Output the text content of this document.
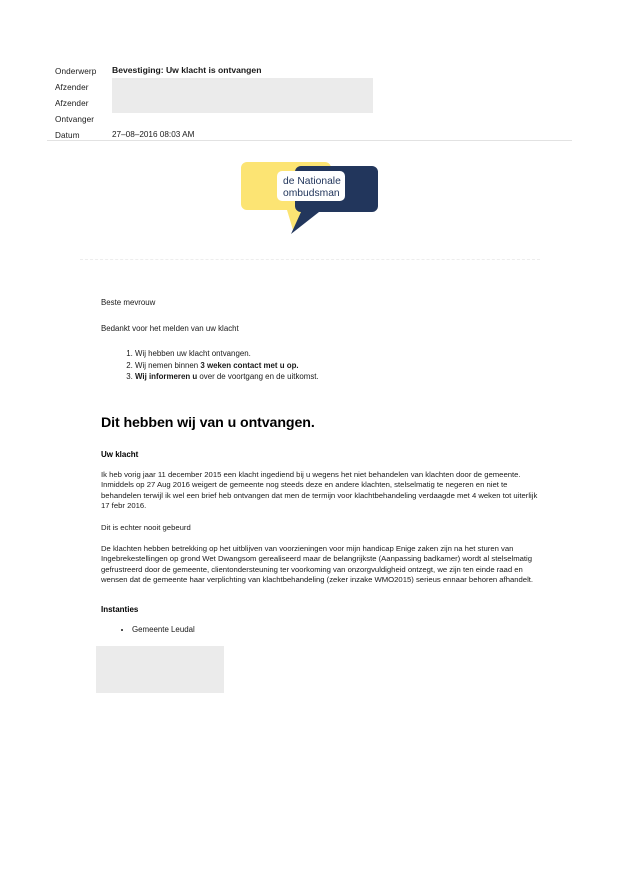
Onderwerp	Bevestiging: Uw klacht is ontvangen
Afzender
Afzender
Ontvanger
Datum	27–08–2016 08:03 AM
de Nationale
ombudsman

Beste mevrouw

Bedankt voor het melden van uw klacht

1. Wij hebben uw klacht ontvangen.
2. Wij nemen binnen 3 weken contact met u op.
3. Wij informeren u over de voortgang en de uitkomst.
Dit hebben wij van u ontvangen.
Uw klacht

Ik heb vorig jaar 11 december 2015 een klacht ingediend bij u wegens het niet behandelen van klachten door de gemeente. Inmiddels op 27 Aug 2016 weigert de gemeente nog steeds deze en andere klachten, stelselmatig te negeren en niet te behandelen terwijl ik wel een brief heb ontvangen dat men de termijn voor klachtbehandeling verdaagde met 4 weken tot uiterlijk 17 febr 2016.

Dit is echter nooit gebeurd

De klachten hebben betrekking op het uitblijven van voorzieningen voor mijn handicap Enige zaken zijn na het sturen van Ingebrekestellingen op grond Wet Dwangsom gerealiseerd maar de belangrijkste (Aanpassing badkamer) wordt al stelselmatig gefrustreerd door de gemeente, clientondersteuning ter voorkoming van onzorgvuldigheid ontzegt, we zijn ten einde raad en wensen dat de gemeente haar verplichting van klachtbehandeling (zeker inzake WMO2015) serieus ennaar behoren afhandelt.

Instanties
• Gemeente Leudal
